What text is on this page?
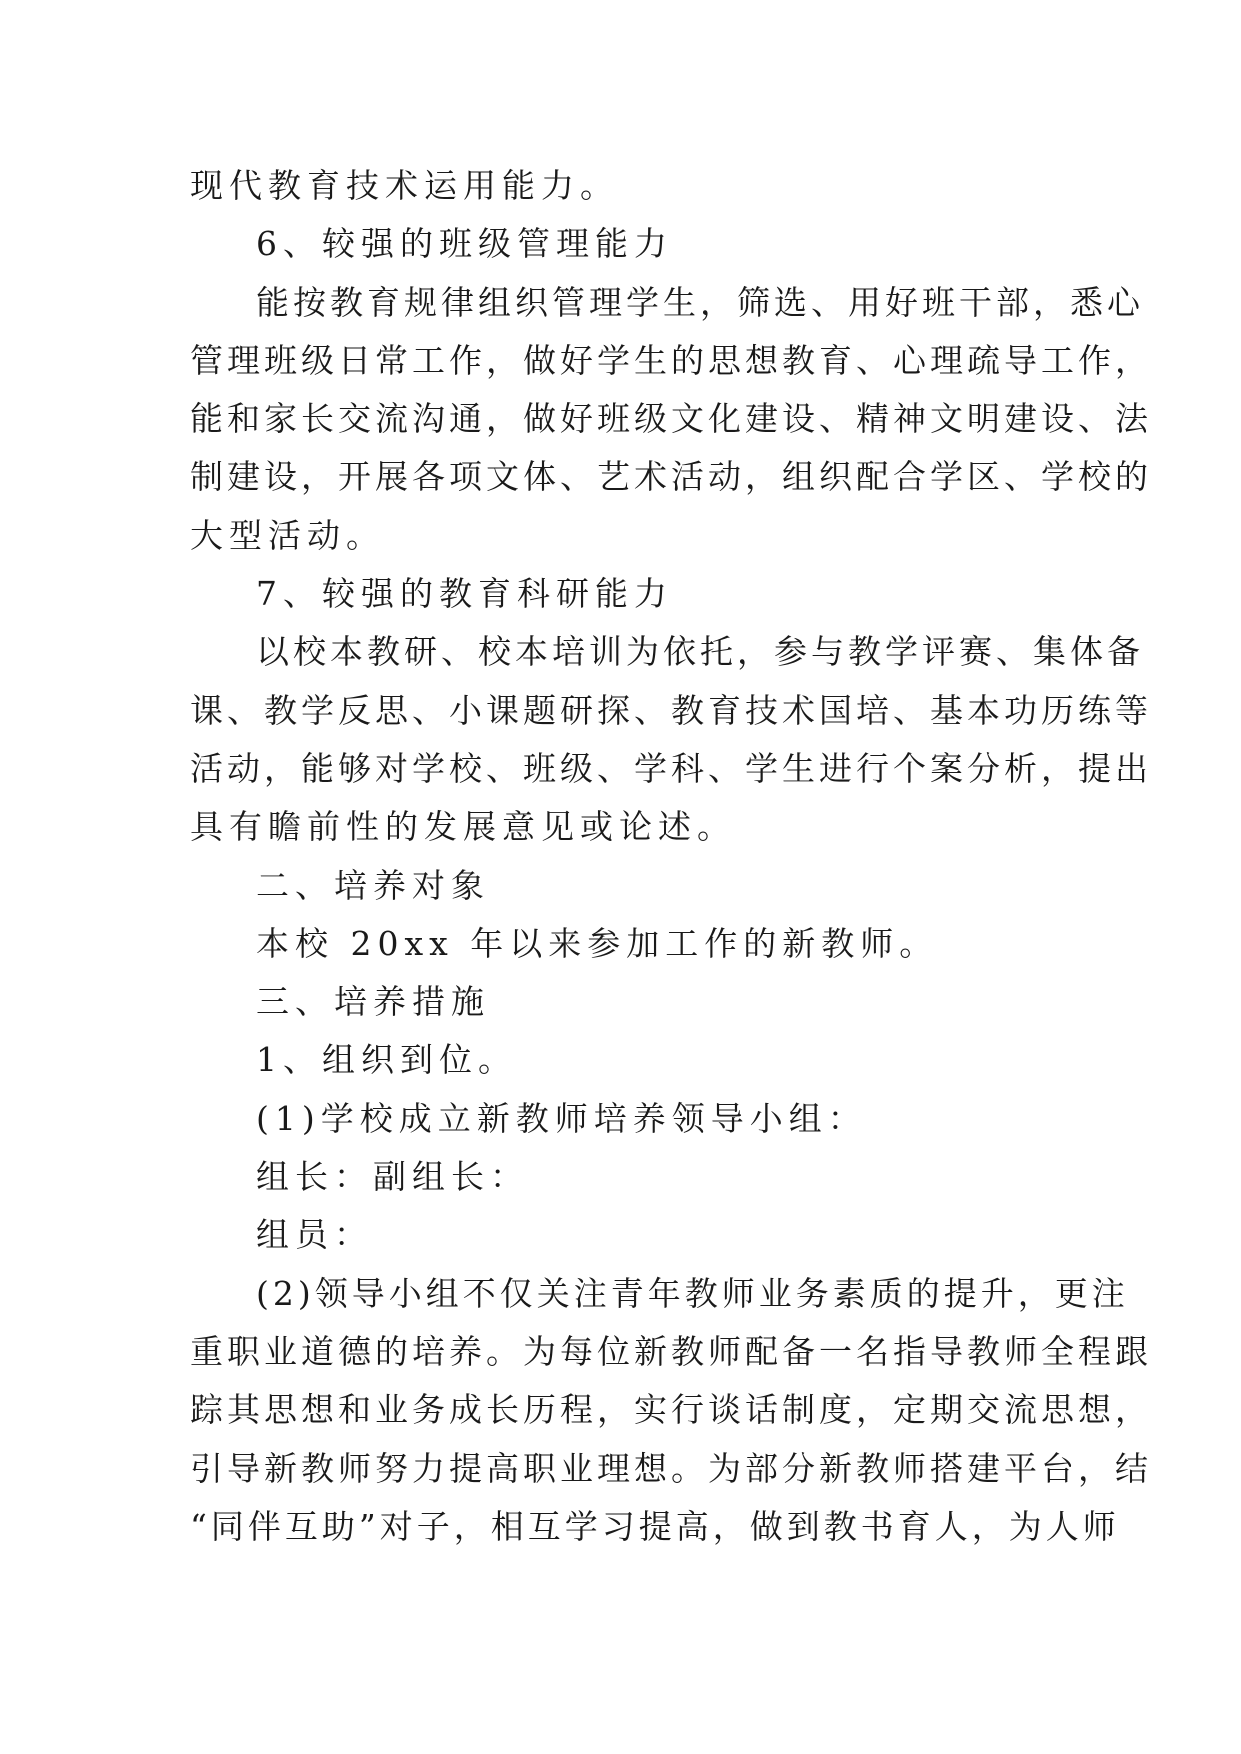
现代教育技术运用能力。
6、较强的班级管理能力
能按教育规律组织管理学生，筛选、用好班干部，悉心
管理班级日常工作，做好学生的思想教育、心理疏导工作，
能和家长交流沟通，做好班级文化建设、精神文明建设、法
制建设，开展各项文体、艺术活动，组织配合学区、学校的
大型活动。
7、较强的教育科研能力
以校本教研、校本培训为依托，参与教学评赛、集体备
课、教学反思、小课题研探、教育技术国培、基本功历练等
活动，能够对学校、班级、学科、学生进行个案分析，提出
具有瞻前性的发展意见或论述。
二、培养对象
本校 20xx 年以来参加工作的新教师。
三、培养措施
1、组织到位。
(1)学校成立新教师培养领导小组：
组长：副组长：
组员：
(2)领导小组不仅关注青年教师业务素质的提升，更注
重职业道德的培养。为每位新教师配备一名指导教师全程跟
踪其思想和业务成长历程，实行谈话制度，定期交流思想，
引导新教师努力提高职业理想。为部分新教师搭建平台，结
“同伴互助”对子，相互学习提高，做到教书育人，为人师
